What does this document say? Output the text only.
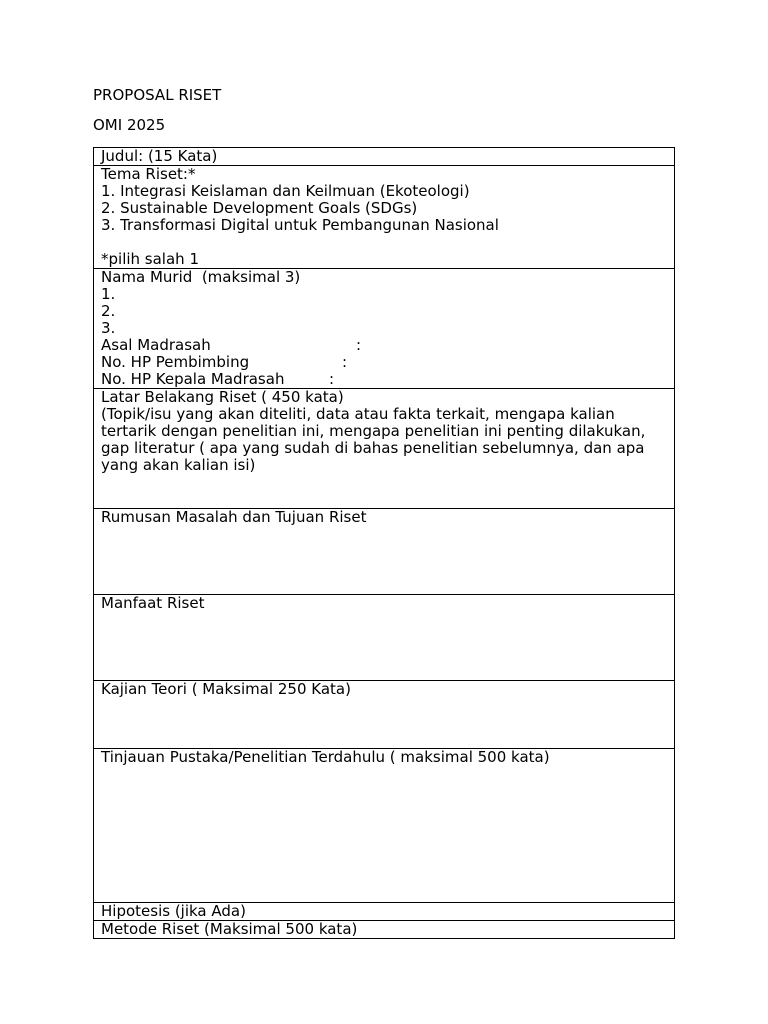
PROPOSAL RISET
OMI 2025
Judul: (15 Kata)

Tema Riset:*
1. Integrasi Keislaman dan Keilmuan (Ekoteologi)
2. Sustainable Development Goals (SDGs)
3. Transformasi Digital untuk Pembangunan Nasional
*pilih salah 1

Nama Murid  (maksimal 3)
1.
2.
3.
Asal Madrasah	:
No. HP Pembimbing	:
No. HP Kepala Madrasah	:

Latar Belakang Riset ( 450 kata)
(Topik/isu yang akan diteliti, data atau fakta terkait, mengapa kalian
tertarik dengan penelitian ini, mengapa penelitian ini penting dilakukan,
gap literatur ( apa yang sudah di bahas penelitian sebelumnya, dan apa
yang akan kalian isi)

Rumusan Masalah dan Tujuan Riset

Manfaat Riset

Kajian Teori ( Maksimal 250 Kata)

Tinjauan Pustaka/Penelitian Terdahulu ( maksimal 500 kata)

Hipotesis (jika Ada)

Metode Riset (Maksimal 500 kata)
